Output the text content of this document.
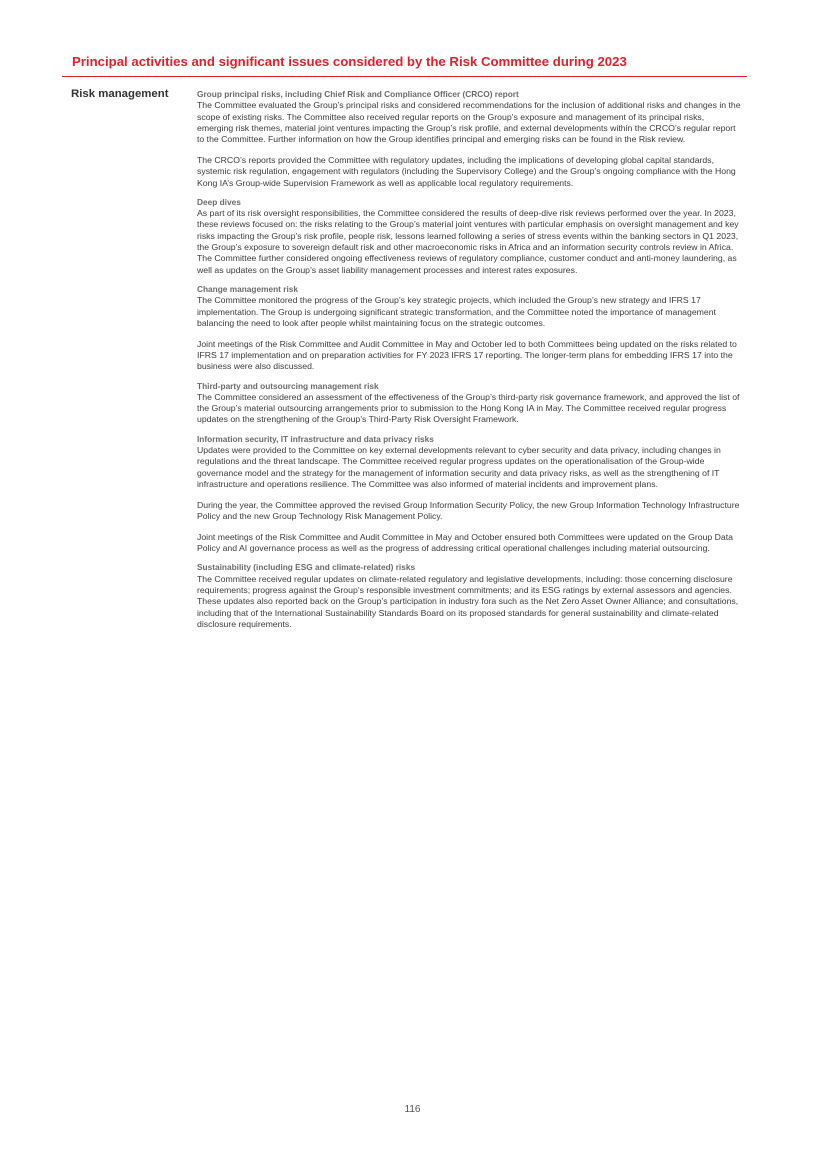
Principal activities and significant issues considered by the Risk Committee during 2023
Risk management	Group principal risks, including Chief Risk and Compliance Officer (CRCO) report

The Committee evaluated the Group’s principal risks and considered recommendations for the inclusion of additional risks and changes in the scope of existing risks. The Committee also received regular reports on the Group’s exposure and management of its principal risks, emerging risk themes, material joint ventures impacting the Group’s risk profile, and external developments within the CRCO’s regular report to the Committee. Further information on how the Group identifies principal and emerging risks can be found in the Risk review.

The CRCO’s reports provided the Committee with regulatory updates, including the implications of developing global capital standards, systemic risk regulation, engagement with regulators (including the Supervisory College) and the Group’s ongoing compliance with the Hong Kong IA’s Group-wide Supervision Framework as well as applicable local regulatory requirements.

Deep dives

As part of its risk oversight responsibilities, the Committee considered the results of deep-dive risk reviews performed over the year. In 2023, these reviews focused on: the risks relating to the Group’s material joint ventures with particular emphasis on oversight management and key risks impacting the Group’s risk profile, people risk, lessons learned following a series of stress events within the banking sectors in Q1 2023, the Group’s exposure to sovereign default risk and other macroeconomic risks in Africa and an information security controls review in Africa. The Committee further considered ongoing effectiveness reviews of regulatory compliance, customer conduct and anti-money laundering, as well as updates on the Group’s asset liability management processes and interest rates exposures.

Change management risk

The Committee monitored the progress of the Group’s key strategic projects, which included the Group’s new strategy and IFRS 17 implementation. The Group is undergoing significant strategic transformation, and the Committee noted the importance of management balancing the need to look after people whilst maintaining focus on the strategic outcomes.

Joint meetings of the Risk Committee and Audit Committee in May and October led to both Committees being updated on the risks related to IFRS 17 implementation and on preparation activities for FY 2023 IFRS 17 reporting. The longer-term plans for embedding IFRS 17 into the business were also discussed.

Third-party and outsourcing management risk

The Committee considered an assessment of the effectiveness of the Group’s third-party risk governance framework, and approved the list of the Group’s material outsourcing arrangements prior to submission to the Hong Kong IA in May. The Committee received regular progress updates on the strengthening of the Group’s Third-Party Risk Oversight Framework.

Information security, IT infrastructure and data privacy risks

Updates were provided to the Committee on key external developments relevant to cyber security and data privacy, including changes in regulations and the threat landscape. The Committee received regular progress updates on the operationalisation of the Group-wide governance model and the strategy for the management of information security and data privacy risks, as well as the strengthening of IT infrastructure and operations resilience. The Committee was also informed of material incidents and improvement plans.

During the year, the Committee approved the revised Group Information Security Policy, the new Group Information Technology Infrastructure Policy and the new Group Technology Risk Management Policy.

Joint meetings of the Risk Committee and Audit Committee in May and October ensured both Committees were updated on the Group Data Policy and AI governance process as well as the progress of addressing critical operational challenges including material outsourcing.

Sustainability (including ESG and climate-related) risks

The Committee received regular updates on climate-related regulatory and legislative developments, including: those concerning disclosure requirements; progress against the Group’s responsible investment commitments; and its ESG ratings by external assessors and agencies. These updates also reported back on the Group’s participation in industry fora such as the Net Zero Asset Owner Alliance; and consultations, including that of the International Sustainability Standards Board on its proposed standards for general sustainability and climate-related disclosure requirements.

116
